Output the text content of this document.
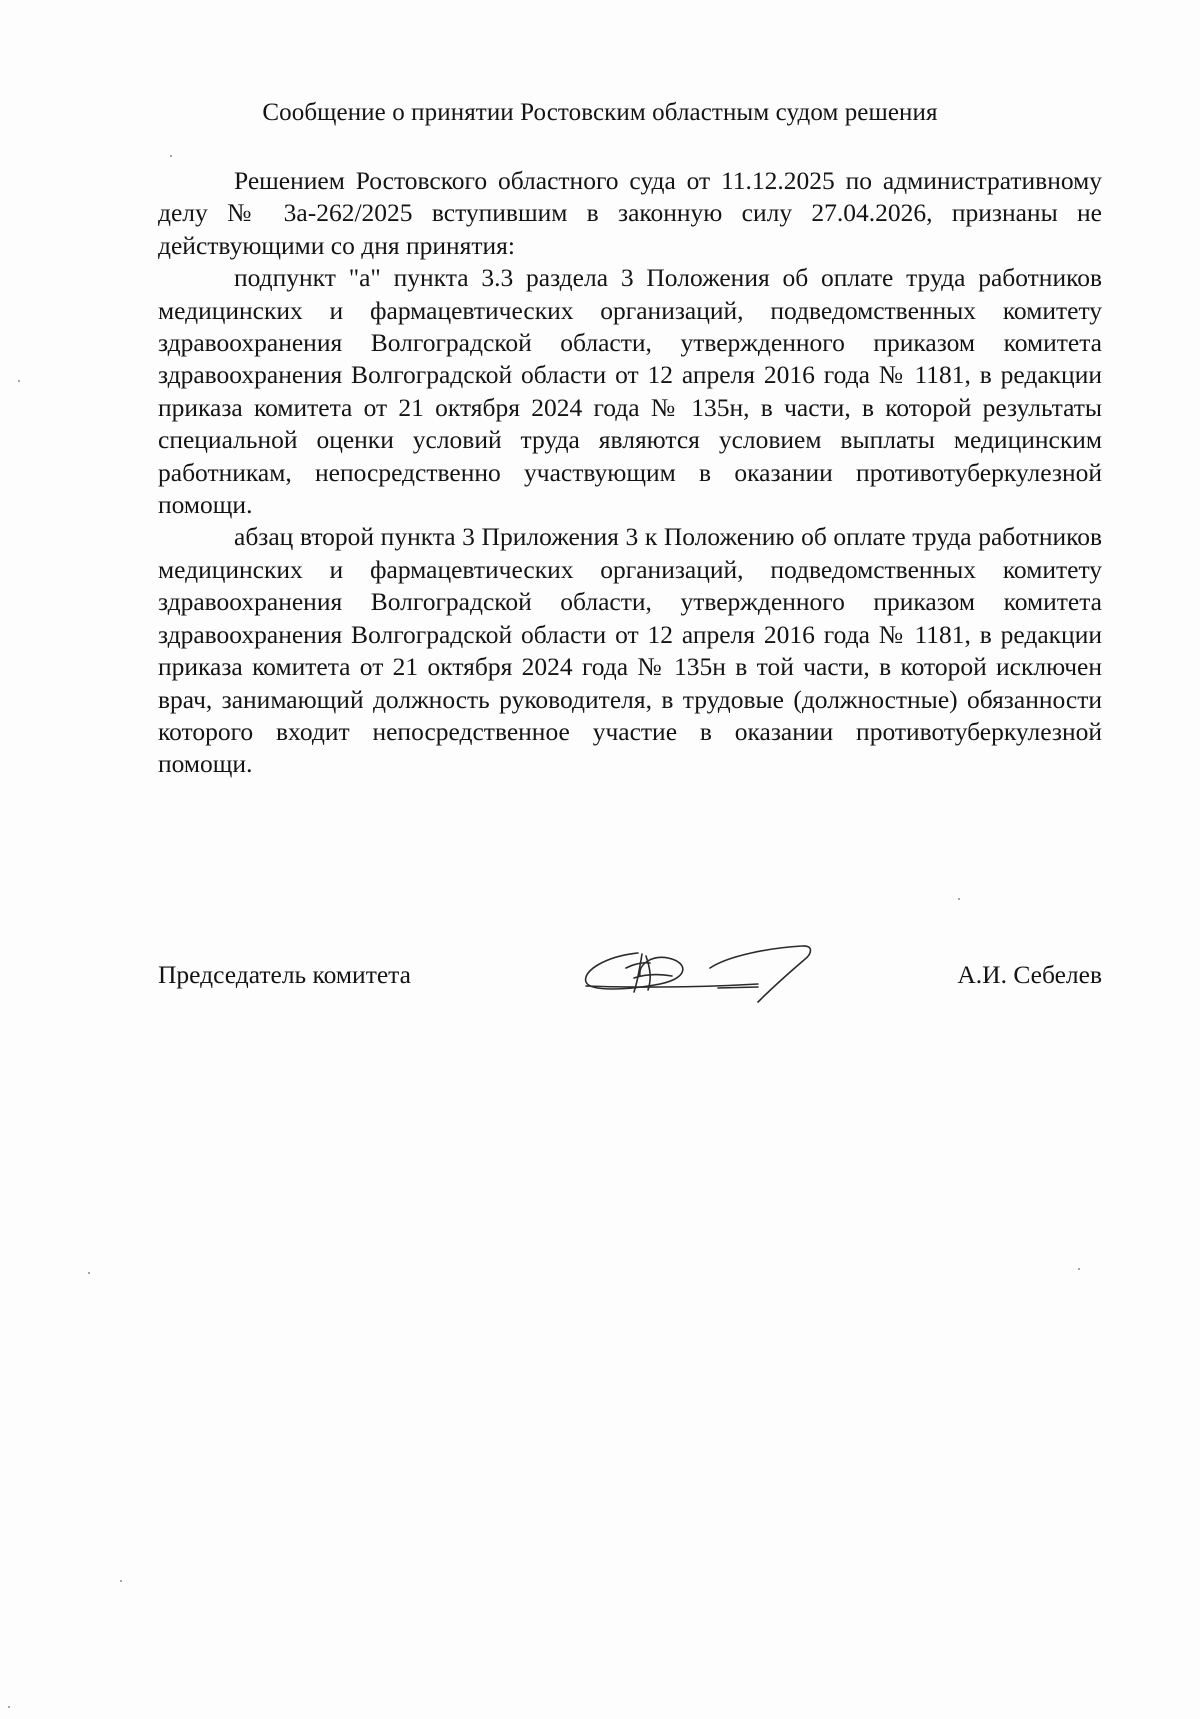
Сообщение о принятии Ростовским областным судом решения

Решением Ростовского областного суда от 11.12.2025 по административному делу № 3а-262/2025 вступившим в законную силу 27.04.2026, признаны не действующими со дня принятия:

подпункт "а" пункта 3.3 раздела 3 Положения об оплате труда работников медицинских и фармацевтических организаций, подведомственных комитету здравоохранения Волгоградской области, утвержденного приказом комитета здравоохранения Волгоградской области от 12 апреля 2016 года № 1181, в редакции приказа комитета от 21 октября 2024 года № 135н, в части, в которой результаты специальной оценки условий труда являются условием выплаты медицинским работникам, непосредственно участвующим в оказании противотуберкулезной помощи.

абзац второй пункта 3 Приложения 3 к Положению об оплате труда работников медицинских и фармацевтических организаций, подведомственных комитету здравоохранения Волгоградской области, утвержденного приказом комитета здравоохранения Волгоградской области от 12 апреля 2016 года № 1181, в редакции приказа комитета от 21 октября 2024 года № 135н в той части, в которой исключен врач, занимающий должность руководителя, в трудовые (должностные) обязанности которого входит непосредственное участие в оказании противотуберкулезной помощи.

Председатель комитета	А.И. Себелев
